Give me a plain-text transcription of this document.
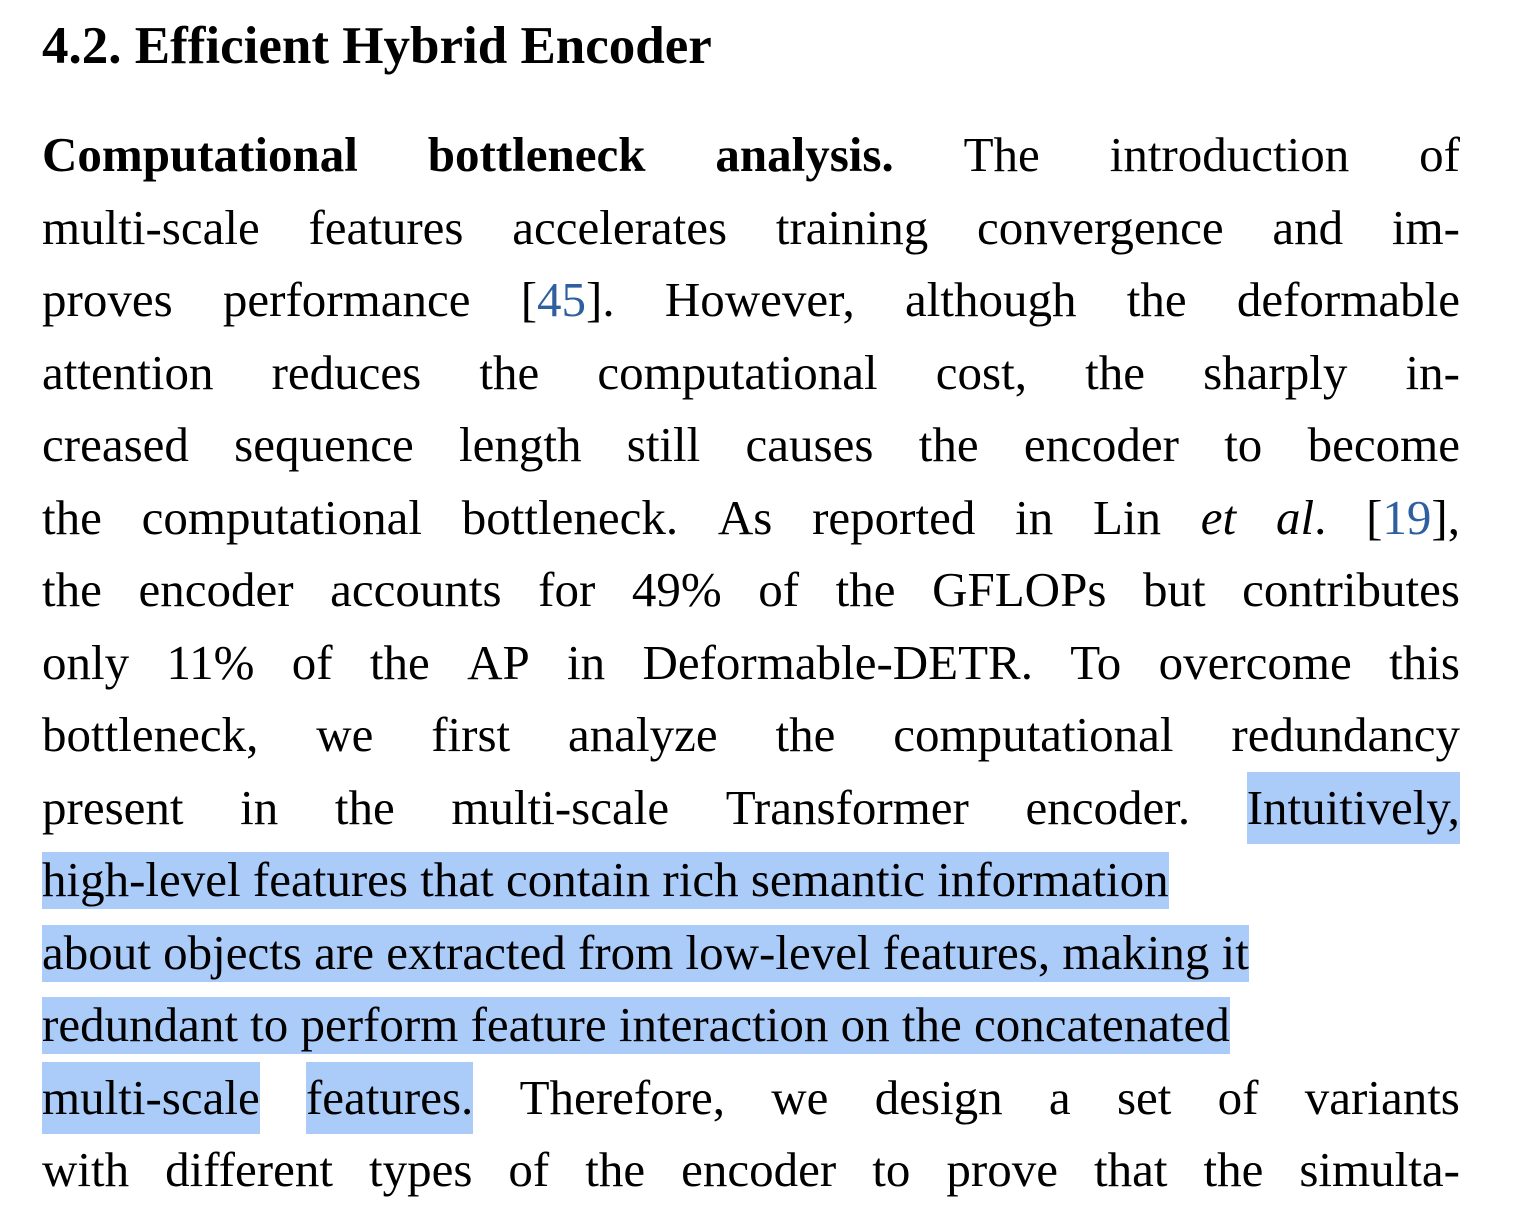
4.2. Efficient Hybrid Encoder
Computational bottleneck analysis. The introduction of
multi-scale features accelerates training convergence and im-
proves performance [45]. However, although the deformable
attention reduces the computational cost, the sharply in-
creased sequence length still causes the encoder to become
the computational bottleneck. As reported in Lin et al. [19],
the encoder accounts for 49% of the GFLOPs but contributes
only 11% of the AP in Deformable-DETR. To overcome this
bottleneck, we first analyze the computational redundancy
present in the multi-scale Transformer encoder. Intuitively,
high-level features that contain rich semantic information
about objects are extracted from low-level features, making it
redundant to perform feature interaction on the concatenated
multi-scale features. Therefore, we design a set of variants
with different types of the encoder to prove that the simulta-
